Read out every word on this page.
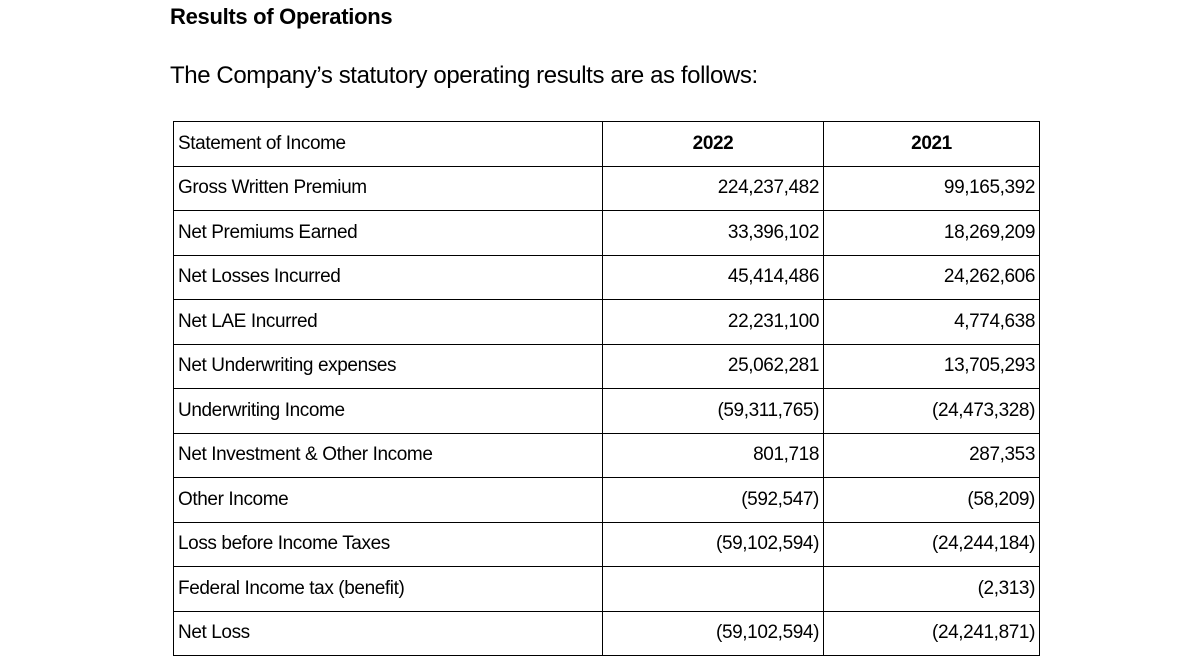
Results of Operations

The Company’s statutory operating results are as follows:

Statement of Income	2022	2021
Gross Written Premium	224,237,482	99,165,392
Net Premiums Earned	33,396,102	18,269,209
Net Losses Incurred	45,414,486	24,262,606
Net LAE Incurred	22,231,100	4,774,638
Net Underwriting expenses	25,062,281	13,705,293
Underwriting Income	(59,311,765)	(24,473,328)
Net Investment & Other Income	801,718	287,353
Other Income	(592,547)	(58,209)
Loss before Income Taxes	(59,102,594)	(24,244,184)
Federal Income tax (benefit)		(2,313)
Net Loss	(59,102,594)	(24,241,871)
